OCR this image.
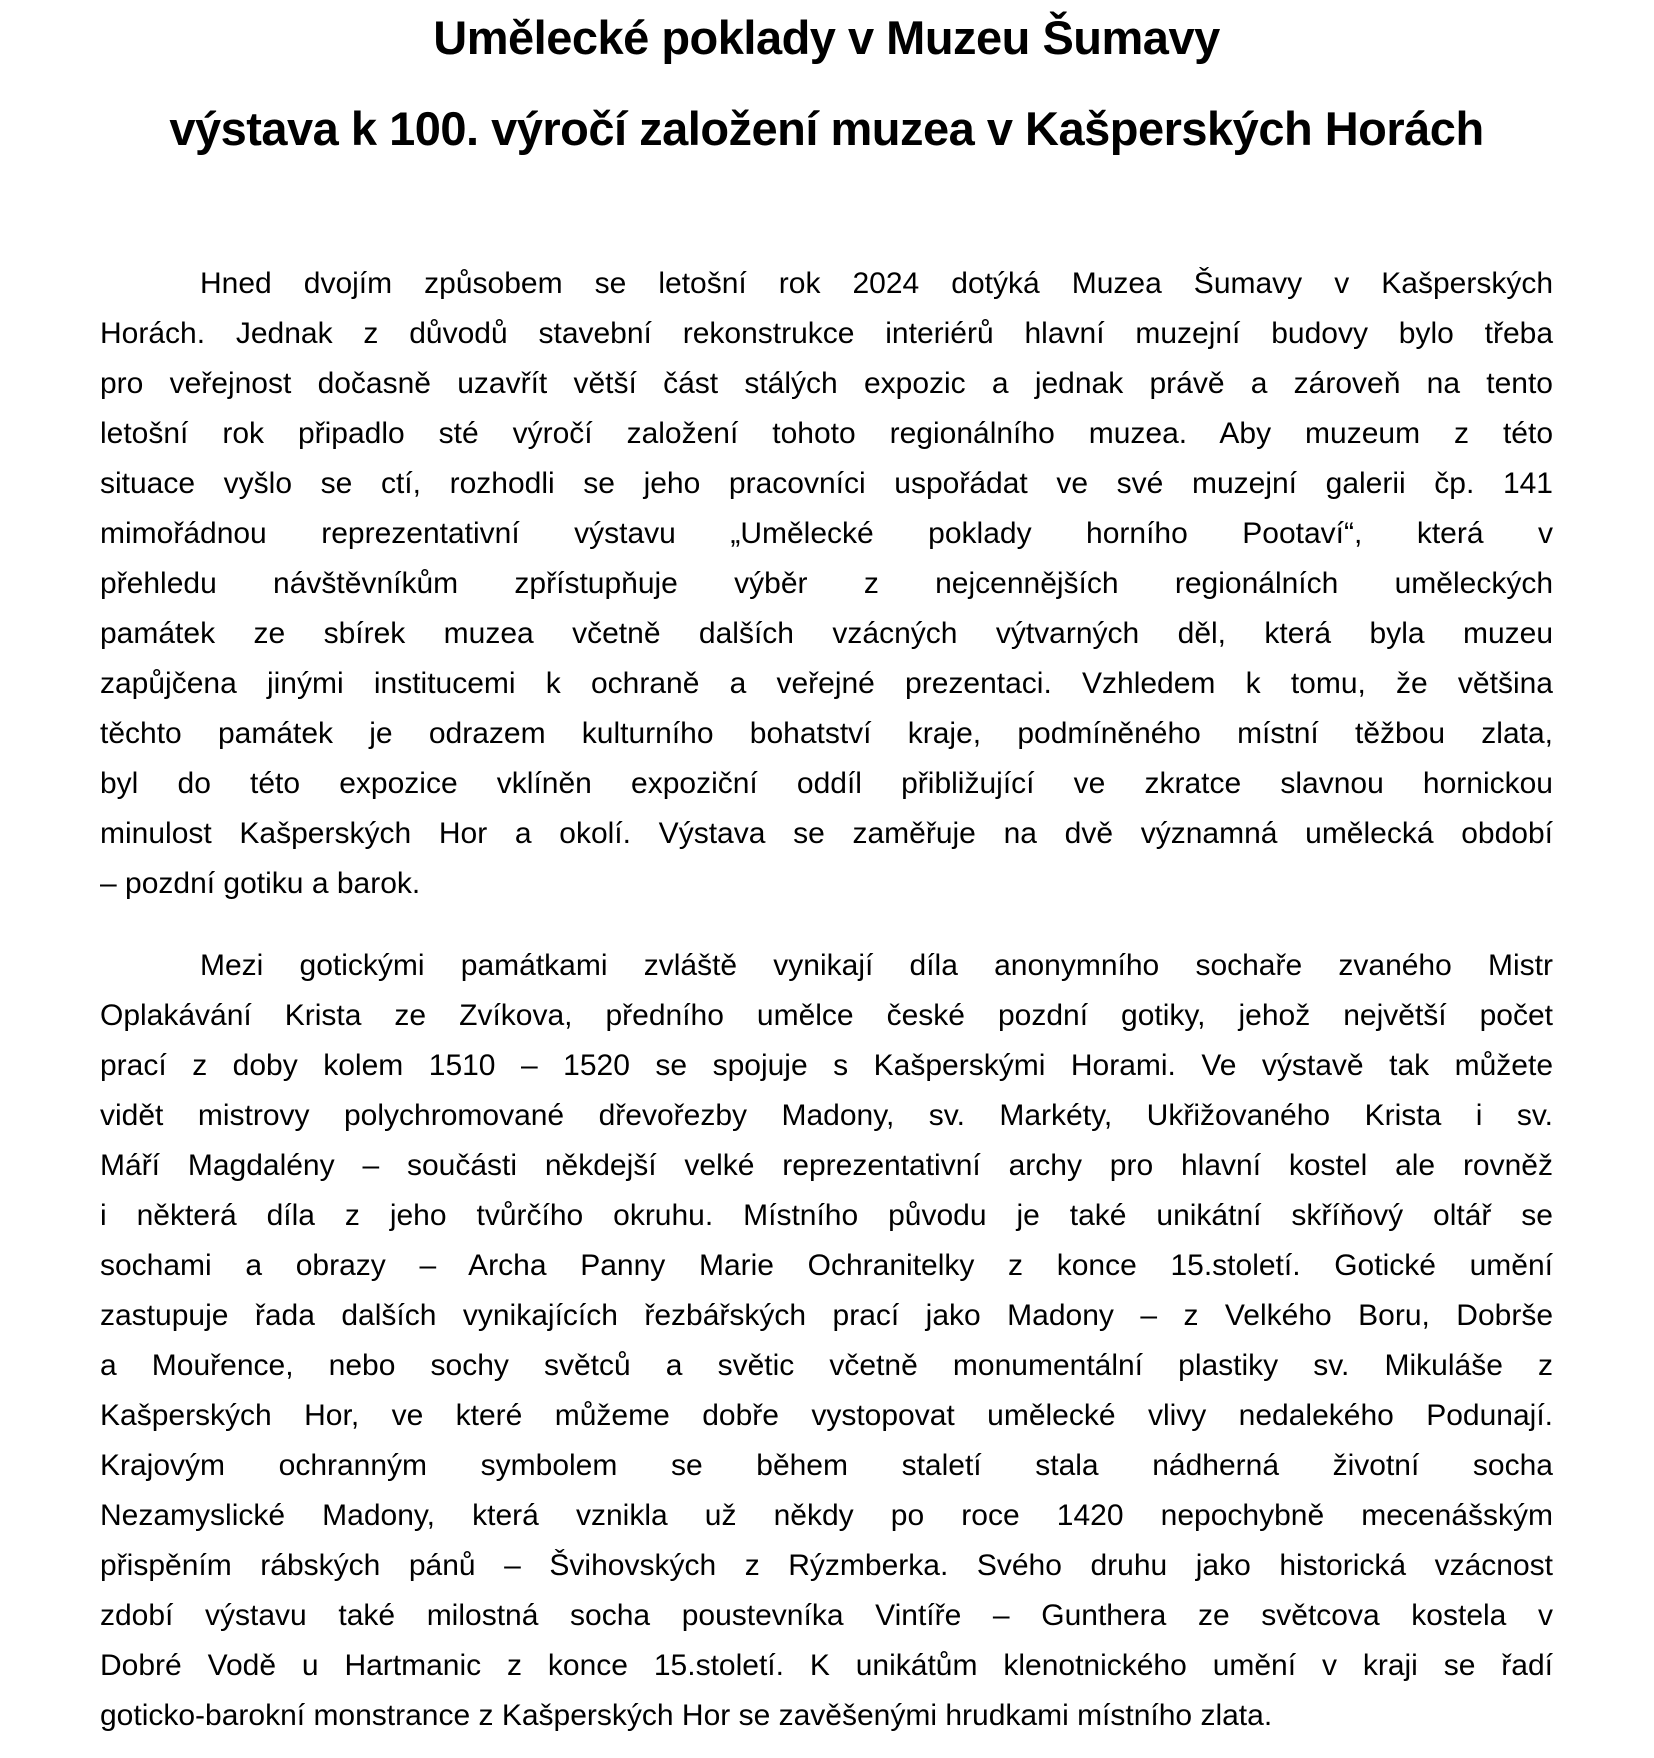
Umělecké poklady v Muzeu Šumavy
výstava k 100. výročí založení muzea v Kašperských Horách

Hned dvojím způsobem se letošní rok 2024 dotýká Muzea Šumavy v Kašperských
Horách. Jednak z důvodů stavební rekonstrukce interiérů hlavní muzejní budovy bylo třeba
pro veřejnost dočasně uzavřít větší část stálých expozic a jednak právě a zároveň na tento
letošní rok připadlo sté výročí založení tohoto regionálního muzea. Aby muzeum z této
situace vyšlo se ctí, rozhodli se jeho pracovníci uspořádat ve své muzejní galerii čp. 141
mimořádnou reprezentativní výstavu „Umělecké poklady horního Pootaví“, která v
přehledu návštěvníkům zpřístupňuje výběr z nejcennějších regionálních uměleckých
památek ze sbírek muzea včetně dalších vzácných výtvarných děl, která byla muzeu
zapůjčena jinými institucemi k ochraně a veřejné prezentaci. Vzhledem k tomu, že většina
těchto památek je odrazem kulturního bohatství kraje, podmíněného místní těžbou zlata,
byl do této expozice vklíněn expoziční oddíl přibližující ve zkratce slavnou hornickou
minulost Kašperských Hor a okolí. Výstava se zaměřuje na dvě významná umělecká období
– pozdní gotiku a barok.

Mezi gotickými památkami zvláště vynikají díla anonymního sochaře zvaného Mistr
Oplakávání Krista ze Zvíkova, předního umělce české pozdní gotiky, jehož největší počet
prací z doby kolem 1510 – 1520 se spojuje s Kašperskými Horami. Ve výstavě tak můžete
vidět mistrovy polychromované dřevořezby Madony, sv. Markéty, Ukřižovaného Krista i sv.
Máří Magdalény – součásti někdejší velké reprezentativní archy pro hlavní kostel ale rovněž
i některá díla z jeho tvůrčího okruhu. Místního původu je také unikátní skříňový oltář se
sochami a obrazy – Archa Panny Marie Ochranitelky z konce 15.století. Gotické umění
zastupuje řada dalších vynikajících řezbářských prací jako Madony – z Velkého Boru, Dobrše
a Mouřence, nebo sochy světců a světic včetně monumentální plastiky sv. Mikuláše z
Kašperských Hor, ve které můžeme dobře vystopovat umělecké vlivy nedalekého Podunají.
Krajovým ochranným symbolem se během staletí stala nádherná životní socha
Nezamyslické Madony, která vznikla už někdy po roce 1420 nepochybně mecenášským
přispěním rábských pánů – Švihovských z Rýzmberka. Svého druhu jako historická vzácnost
zdobí výstavu také milostná socha poustevníka Vintíře – Gunthera ze světcova kostela v
Dobré Vodě u Hartmanic z konce 15.století. K unikátům klenotnického umění v kraji se řadí
goticko-barokní monstrance z Kašperských Hor se zavěšenými hrudkami místního zlata.
